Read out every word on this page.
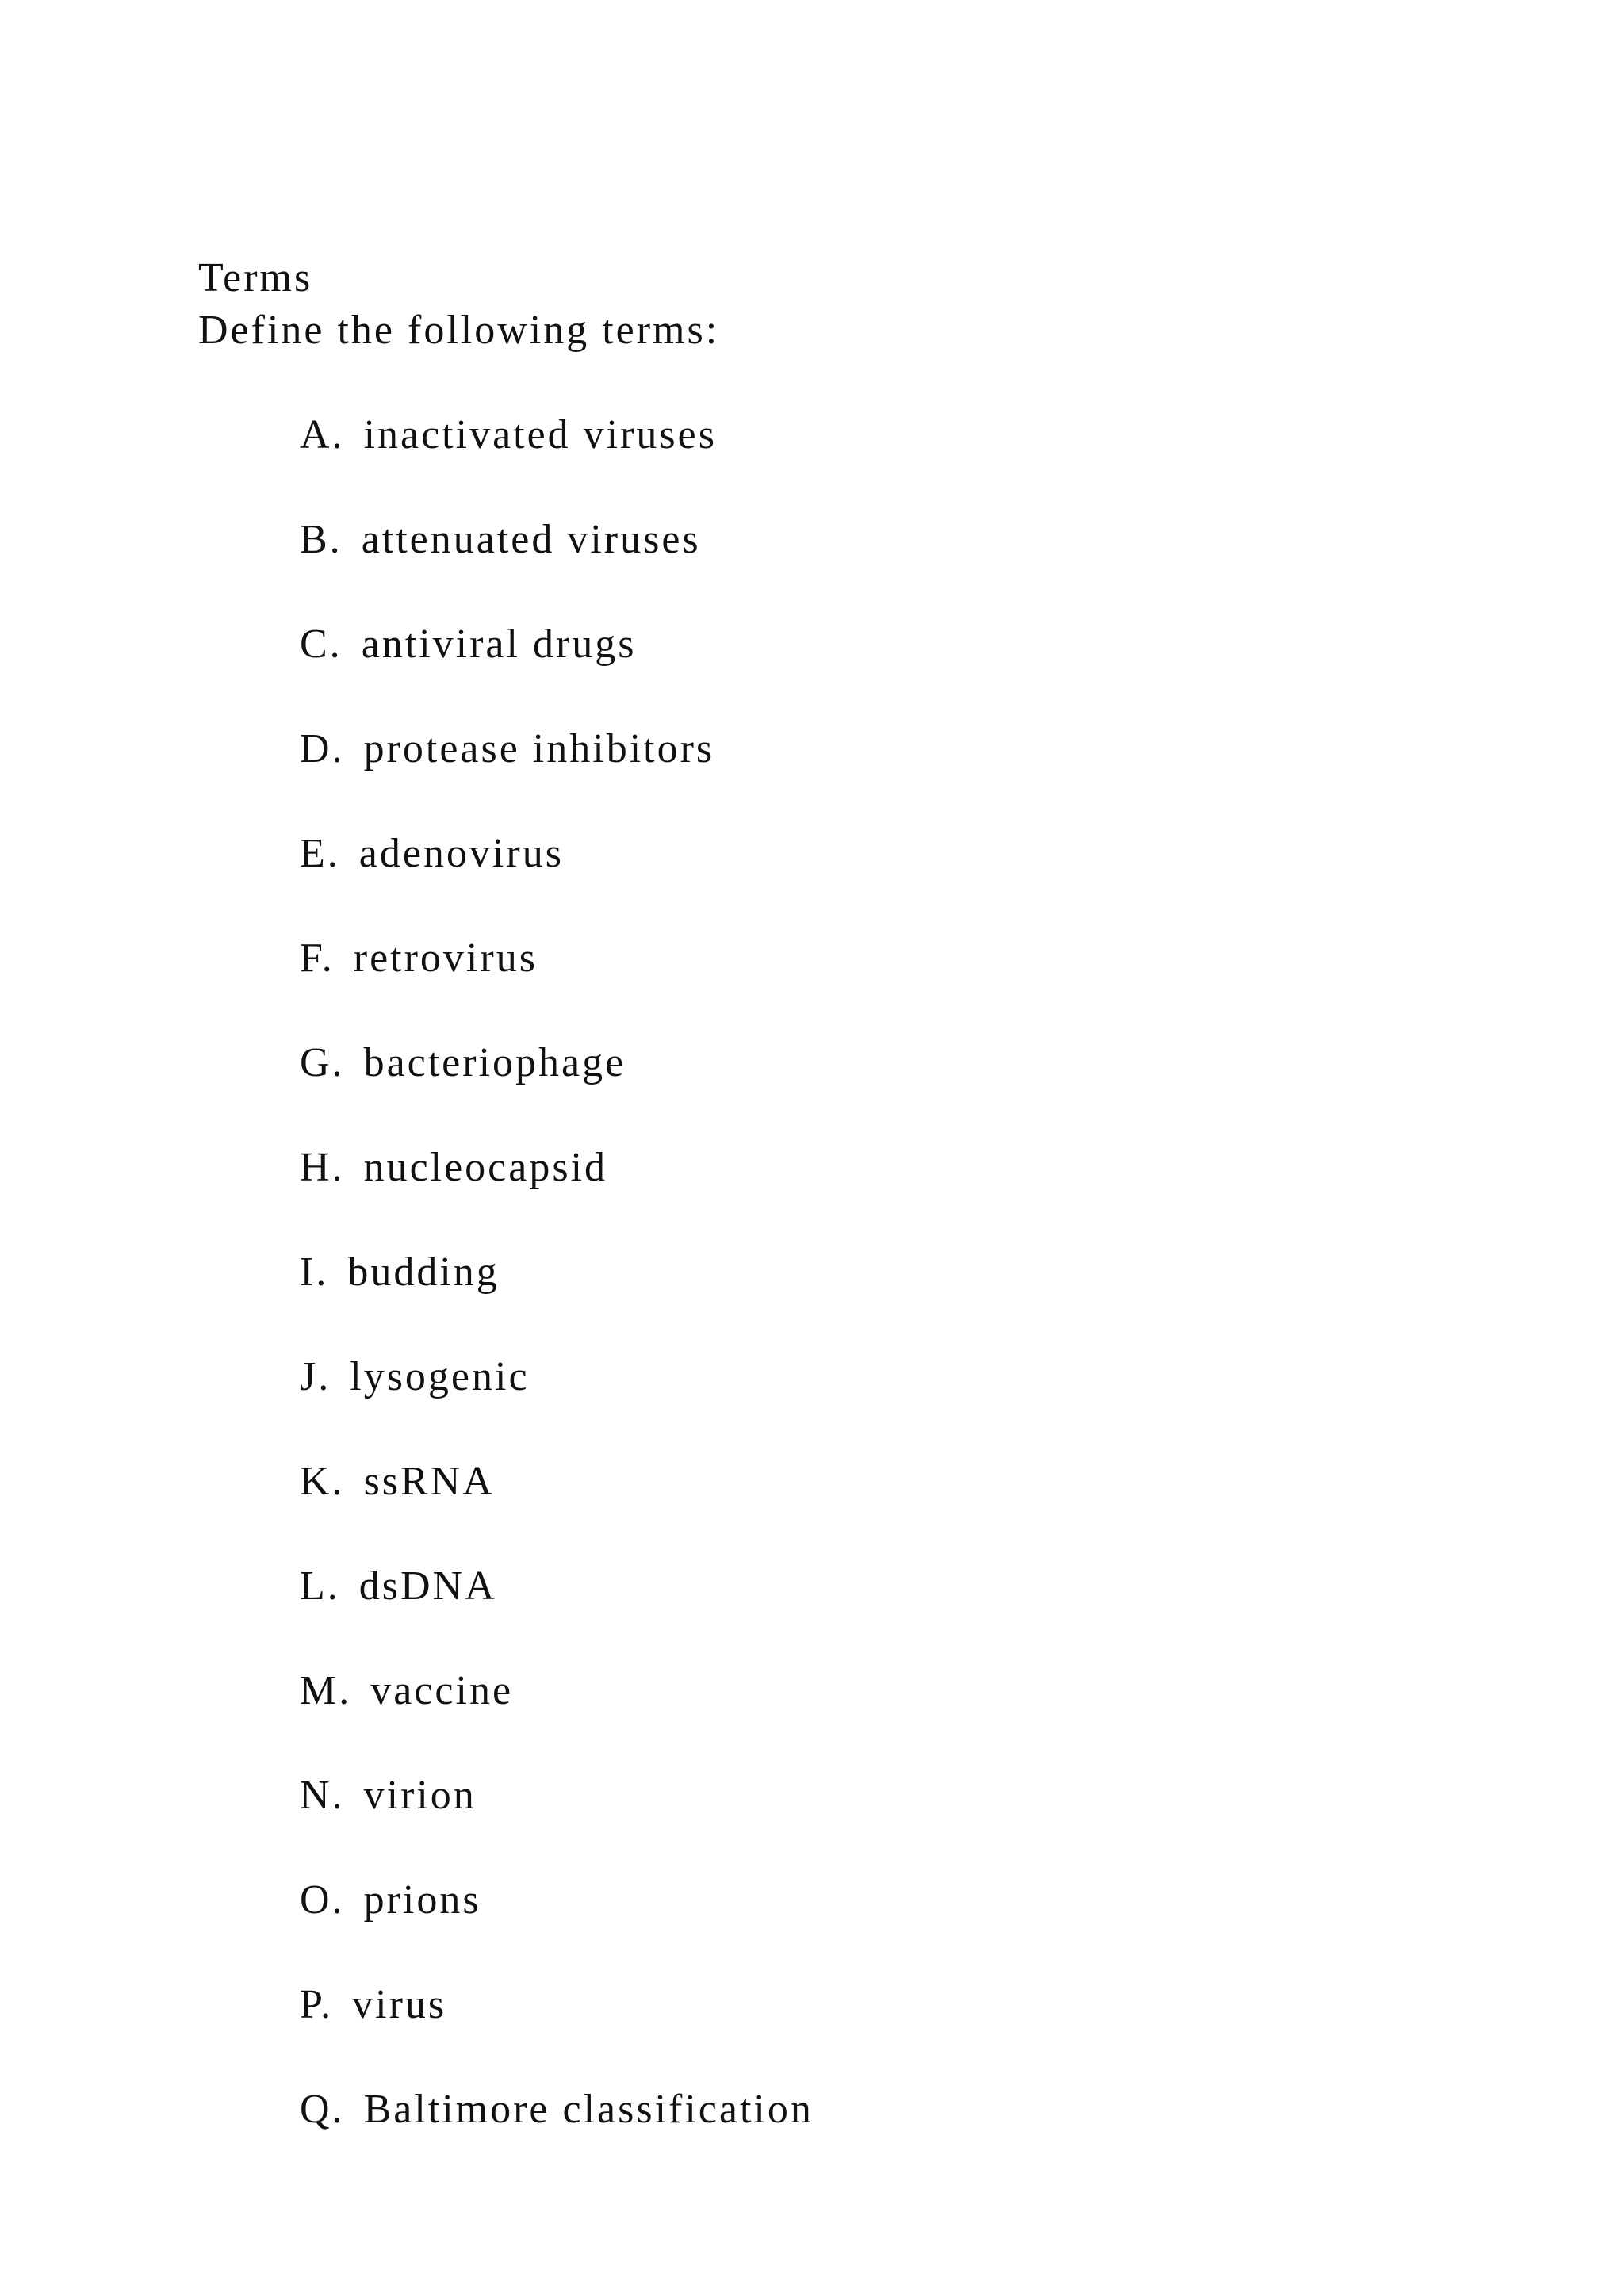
Terms
Define the following terms:

A. inactivated viruses

B. attenuated viruses

C. antiviral drugs

D. protease inhibitors

E. adenovirus

F. retrovirus

G. bacteriophage

H. nucleocapsid

I. budding

J. lysogenic

K. ssRNA

L. dsDNA

M. vaccine

N. virion

O. prions

P. virus

Q. Baltimore classification
